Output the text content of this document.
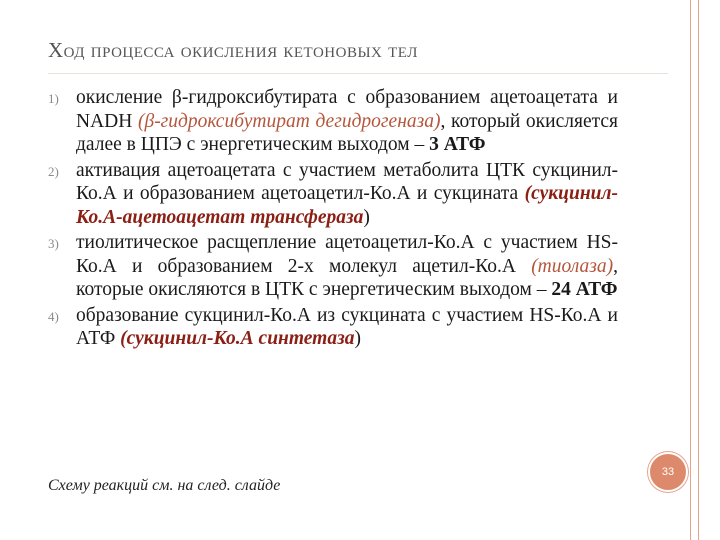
Ход процесса окисления кетоновых тел
1) окисление β-гидроксибутирата с образованием ацетоацетата и NADH (β-гидроксибутират дегидрогеназа), который окисляется далее в ЦПЭ с энергетическим выходом – 3 АТФ
2) активация ацетоацетата с участием метаболита ЦТК сукцинил-Ко.А и образованием ацетоацетил-Ко.А и сукцината (сукцинил-Ко.А-ацетоацетат трансфераза)
3) тиолитическое расщепление ацетоацетил-Ко.А с участием HS-Ко.А и образованием 2-х молекул ацетил-Ко.А (тиолаза), которые окисляются в ЦТК с энергетическим выходом – 24 АТФ
4) образование сукцинил-Ко.А из сукцината с участием HS-Ко.А и АТФ (сукцинил-Ко.А синтетаза)
Схему реакций см. на след. слайде
33
